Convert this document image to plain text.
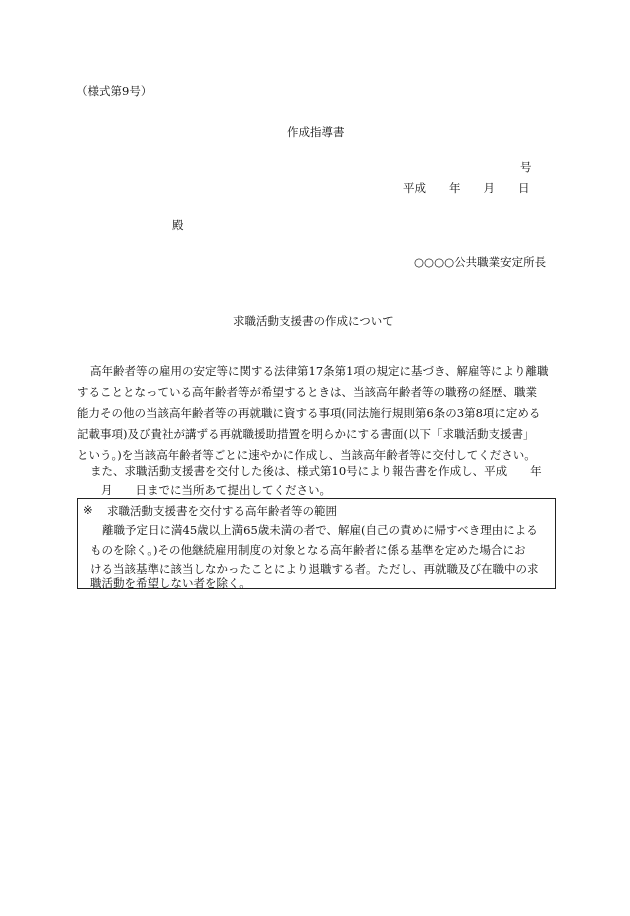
（様式第9号）
作成指導書
号
平成　　年　　月　　日
殿
○○○○公共職業安定所長
求職活動支援書の作成について
高年齢者等の雇用の安定等に関する法律第17条第1項の規定に基づき、解雇等により離職
することとなっている高年齢者等が希望するときは、当該高年齢者等の職務の経歴、職業
能力その他の当該高年齢者等の再就職に資する事項(同法施行規則第6条の3第8項に定める
記載事項)及び貴社が講ずる再就職援助措置を明らかにする書面(以下「求職活動支援書」
という。)を当該高年齢者等ごとに速やかに作成し、当該高年齢者等に交付してください。
また、求職活動支援書を交付した後は、様式第10号により報告書を作成し、平成　　年
月　　日までに当所あて提出してください。
※ 求職活動支援書を交付する高年齢者等の範囲
離職予定日に満45歳以上満65歳未満の者で、解雇(自己の責めに帰すべき理由による
ものを除く。)その他継続雇用制度の対象となる高年齢者に係る基準を定めた場合にお
ける当該基準に該当しなかったことにより退職する者。ただし、再就職及び在職中の求
職活動を希望しない者を除く。
